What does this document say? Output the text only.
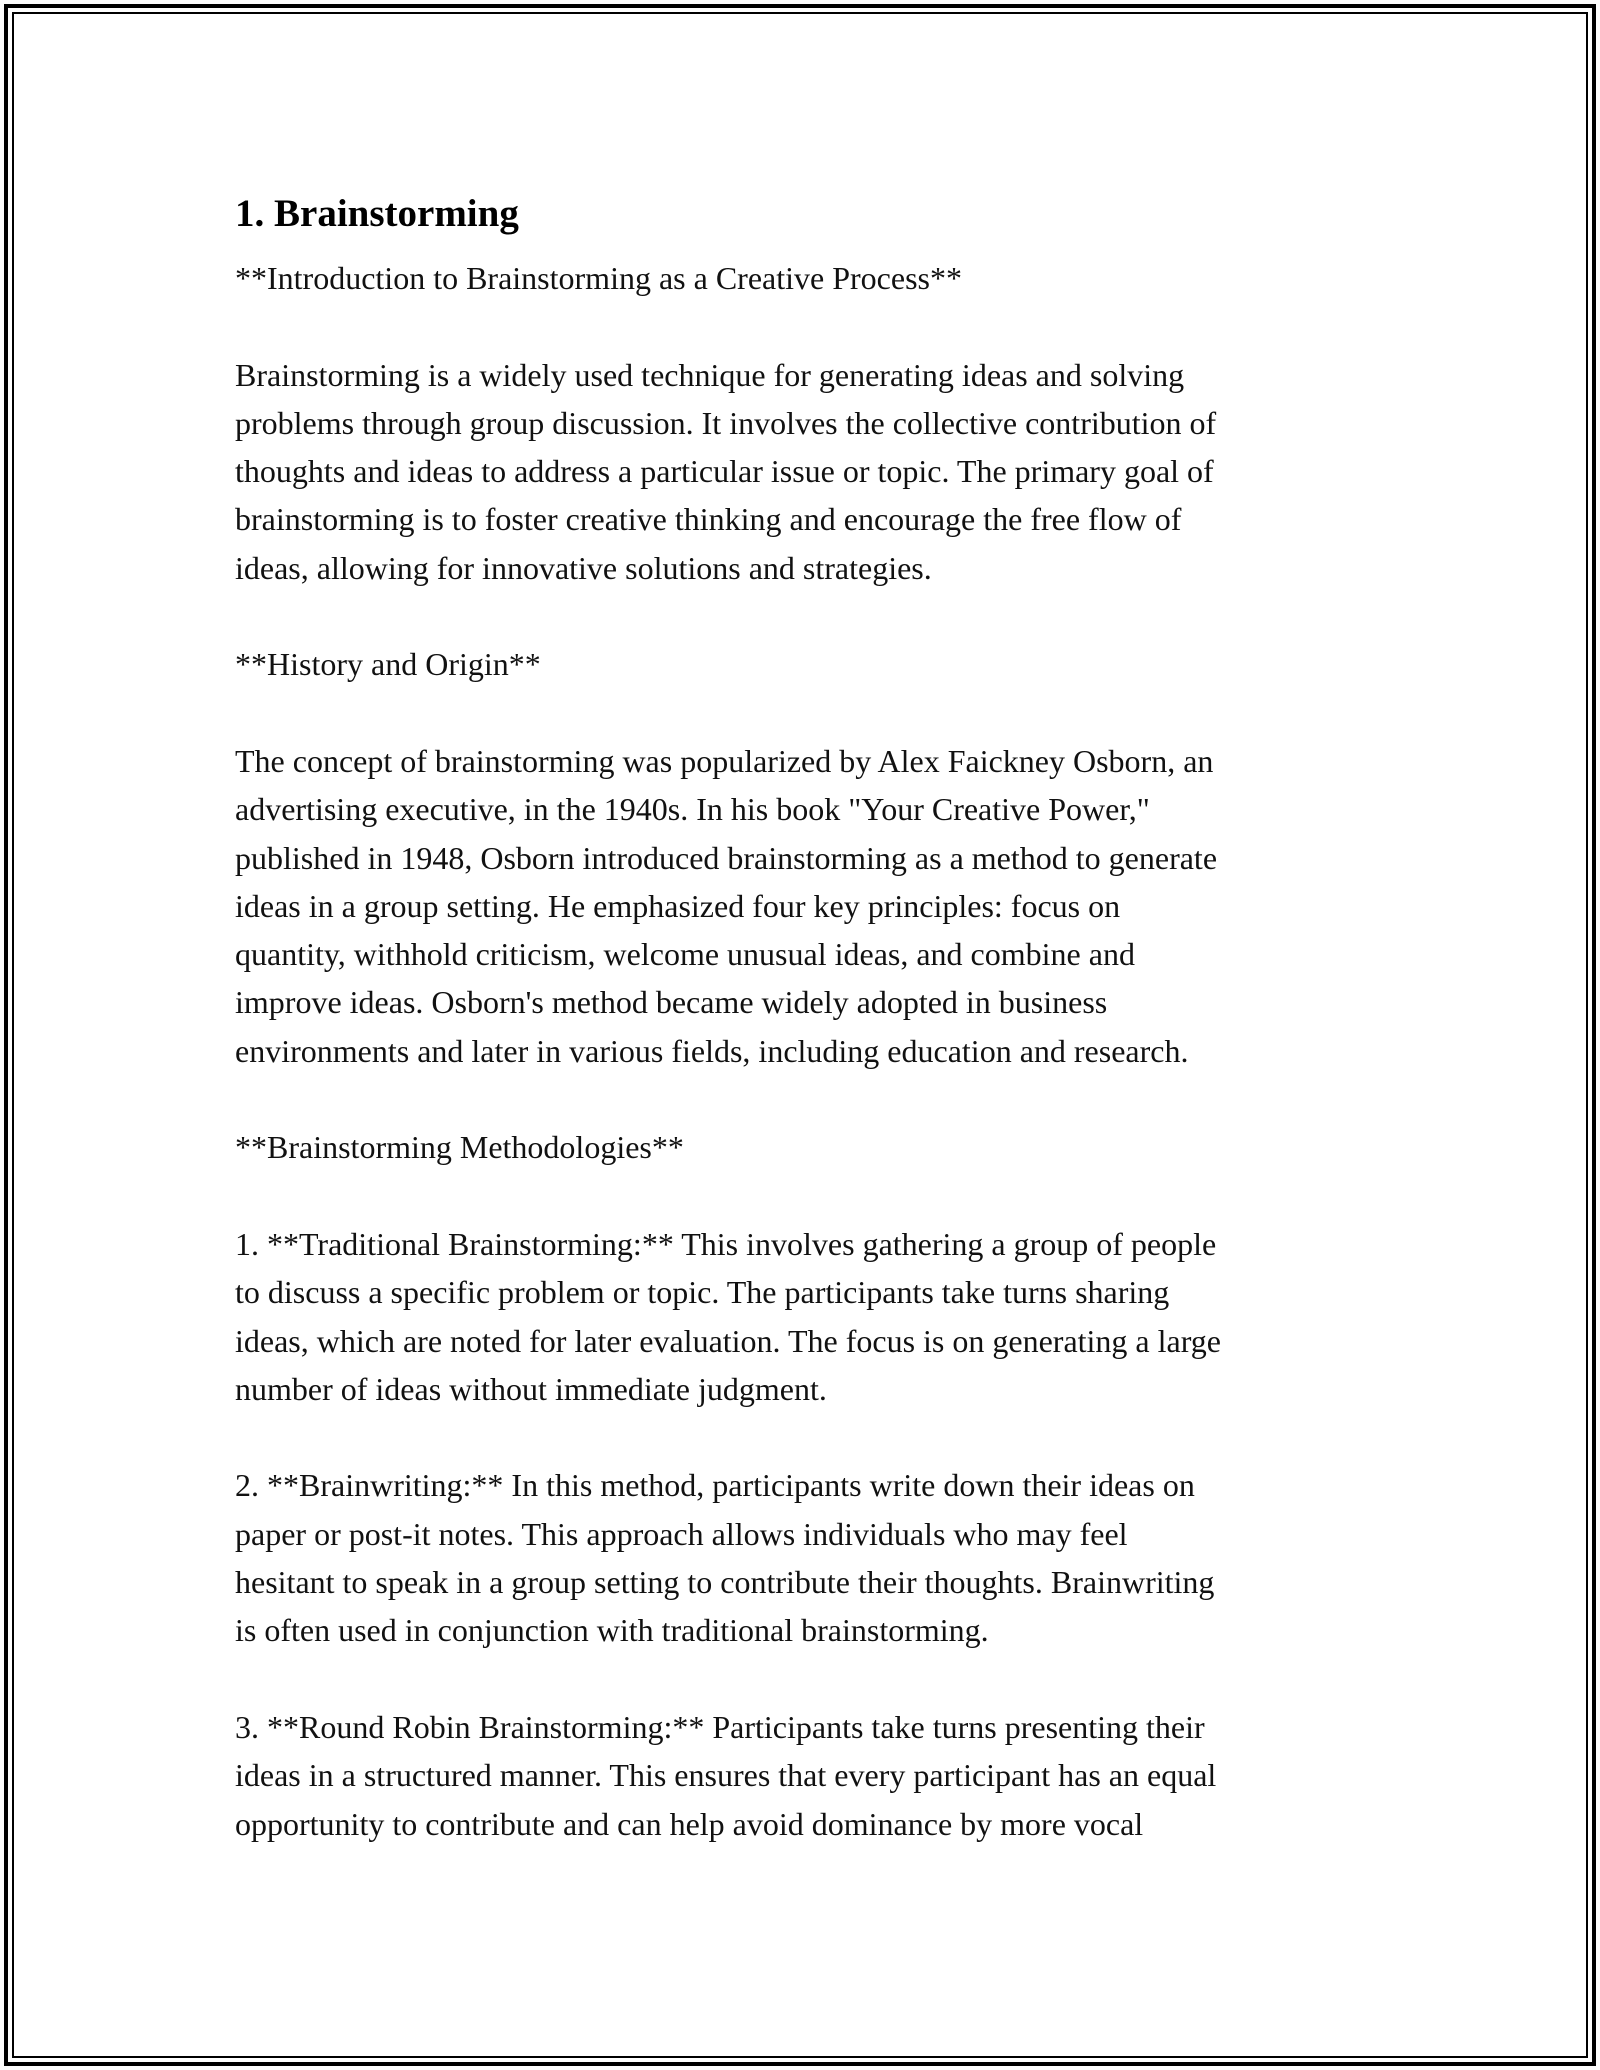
1. Brainstorming
**Introduction to Brainstorming as a Creative Process**
Brainstorming is a widely used technique for generating ideas and solving
problems through group discussion. It involves the collective contribution of
thoughts and ideas to address a particular issue or topic. The primary goal of
brainstorming is to foster creative thinking and encourage the free flow of
ideas, allowing for innovative solutions and strategies.
**History and Origin**
The concept of brainstorming was popularized by Alex Faickney Osborn, an
advertising executive, in the 1940s. In his book "Your Creative Power,"
published in 1948, Osborn introduced brainstorming as a method to generate
ideas in a group setting. He emphasized four key principles: focus on
quantity, withhold criticism, welcome unusual ideas, and combine and
improve ideas. Osborn's method became widely adopted in business
environments and later in various fields, including education and research.
**Brainstorming Methodologies**
1. **Traditional Brainstorming:** This involves gathering a group of people
to discuss a specific problem or topic. The participants take turns sharing
ideas, which are noted for later evaluation. The focus is on generating a large
number of ideas without immediate judgment.
2. **Brainwriting:** In this method, participants write down their ideas on
paper or post-it notes. This approach allows individuals who may feel
hesitant to speak in a group setting to contribute their thoughts. Brainwriting
is often used in conjunction with traditional brainstorming.
3. **Round Robin Brainstorming:** Participants take turns presenting their
ideas in a structured manner. This ensures that every participant has an equal
opportunity to contribute and can help avoid dominance by more vocal
